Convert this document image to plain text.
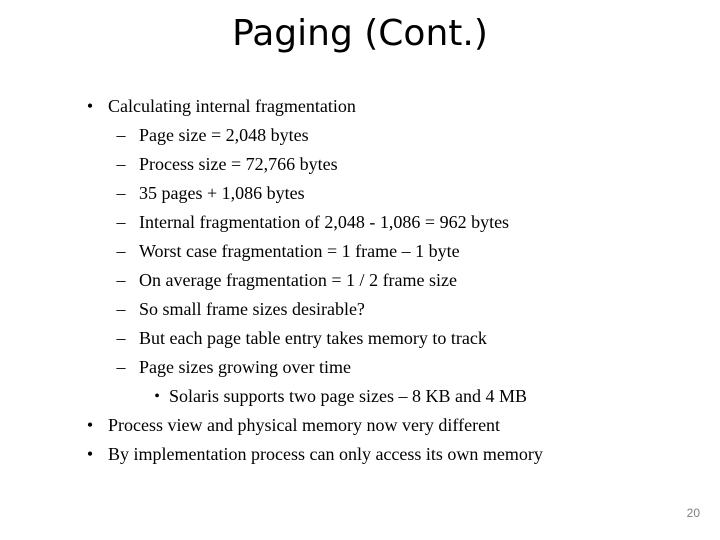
Paging (Cont.)
• Calculating internal fragmentation
– Page size = 2,048 bytes
– Process size = 72,766 bytes
– 35 pages + 1,086 bytes
– Internal fragmentation of 2,048 - 1,086 = 962 bytes
– Worst case fragmentation = 1 frame – 1 byte
– On average fragmentation = 1 / 2 frame size
– So small frame sizes desirable?
– But each page table entry takes memory to track
– Page sizes growing over time
• Solaris supports two page sizes – 8 KB and 4 MB
• Process view and physical memory now very different
• By implementation process can only access its own memory
20
